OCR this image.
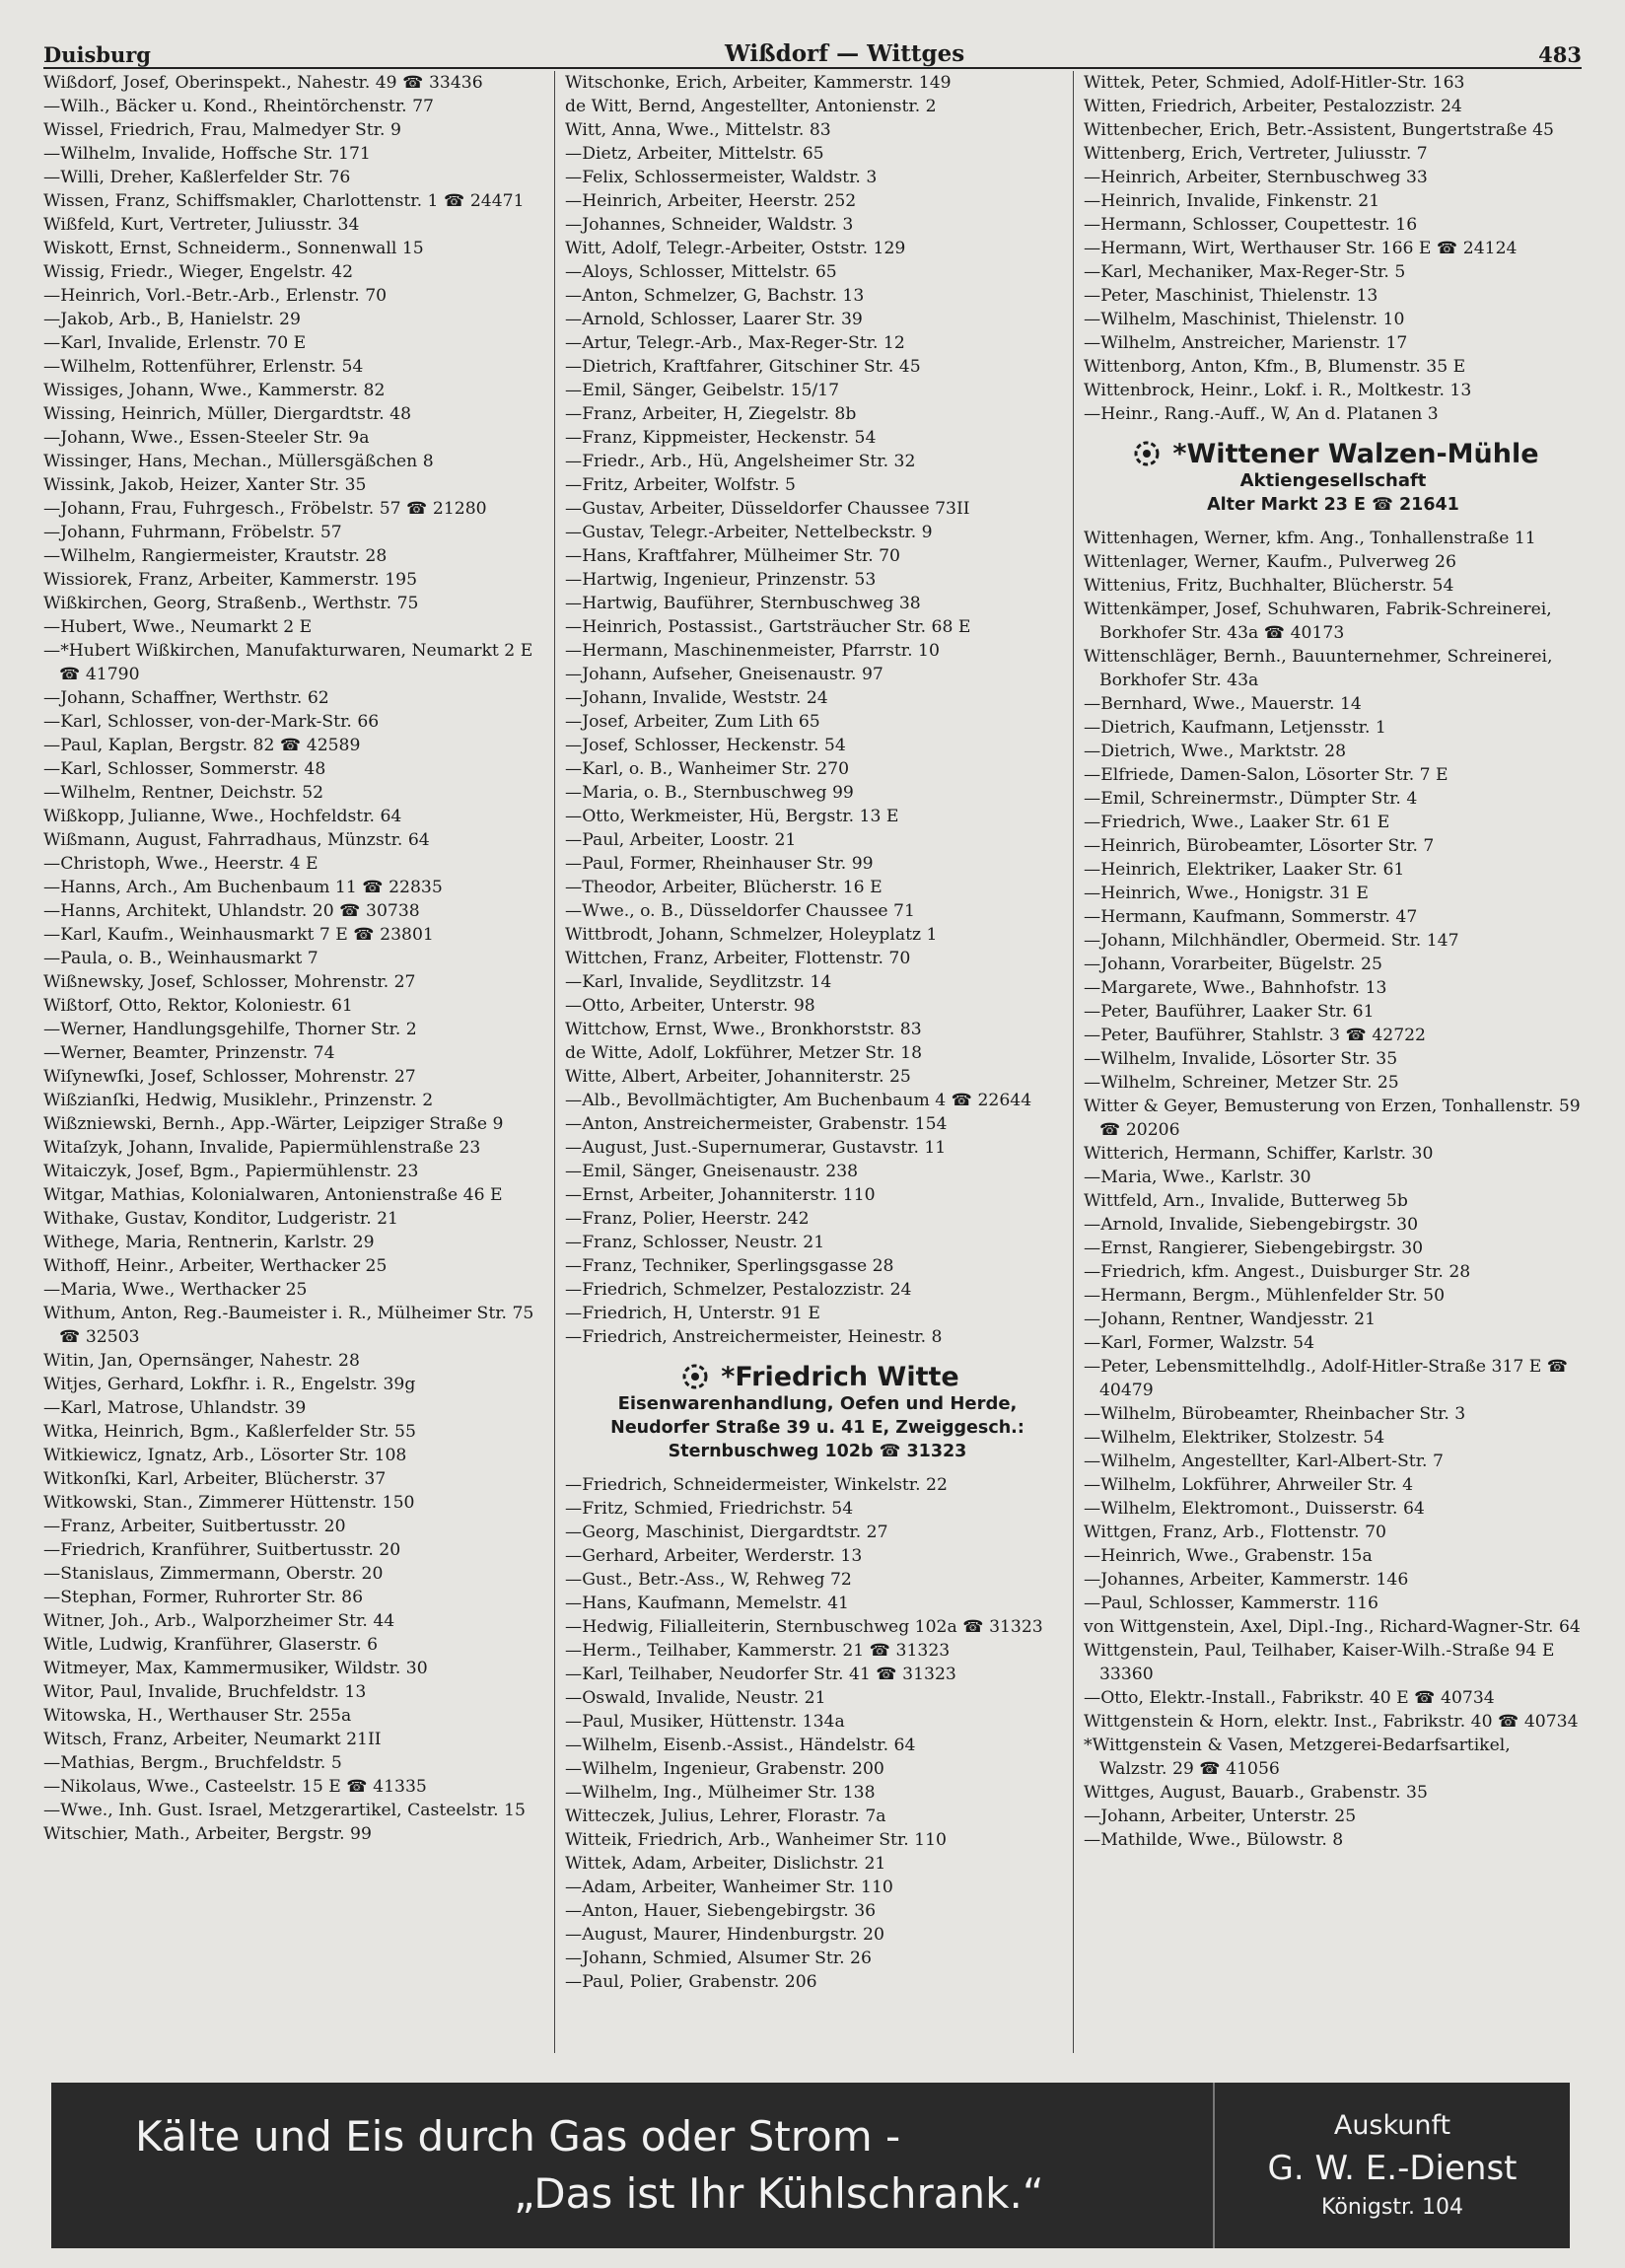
Duisburg	Wißdorf — Wittges	483
Wißdorf, Josef, Oberinspekt., Nahestr. 49 ☎ 33436
—Wilh., Bäcker u. Kond., Rheintörchenstr. 77
Wissel, Friedrich, Frau, Malmedyer Str. 9
—Wilhelm, Invalide, Hoffsche Str. 171
—Willi, Dreher, Kaßlerfelder Str. 76
Wissen, Franz, Schiffsmakler, Charlottenstr. 1 ☎ 24471
Wißfeld, Kurt, Vertreter, Juliusstr. 34
Wiskott, Ernst, Schneiderm., Sonnenwall 15
Wissig, Friedr., Wieger, Engelstr. 42
—Heinrich, Vorl.-Betr.-Arb., Erlenstr. 70
—Jakob, Arb., B, Hanielstr. 29
—Karl, Invalide, Erlenstr. 70 E
—Wilhelm, Rottenführer, Erlenstr. 54
Wissiges, Johann, Wwe., Kammerstr. 82
Wissing, Heinrich, Müller, Diergardtstr. 48
—Johann, Wwe., Essen-Steeler Str. 9a
Wissinger, Hans, Mechan., Müllersgäßchen 8
Wissink, Jakob, Heizer, Xanter Str. 35
—Johann, Frau, Fuhrgesch., Fröbelstr. 57 ☎ 21280
—Johann, Fuhrmann, Fröbelstr. 57
—Wilhelm, Rangiermeister, Krautstr. 28
Wissiorek, Franz, Arbeiter, Kammerstr. 195
Wißkirchen, Georg, Straßenb., Werthstr. 75
—Hubert, Wwe., Neumarkt 2 E
—*Hubert Wißkirchen, Manufakturwaren, Neumarkt 2 E ☎ 41790
—Johann, Schaffner, Werthstr. 62
—Karl, Schlosser, von-der-Mark-Str. 66
—Paul, Kaplan, Bergstr. 82 ☎ 42589
—Karl, Schlosser, Sommerstr. 48
—Wilhelm, Rentner, Deichstr. 52
Wißkopp, Julianne, Wwe., Hochfeldstr. 64
Wißmann, August, Fahrradhaus, Münzstr. 64
—Christoph, Wwe., Heerstr. 4 E
—Hanns, Arch., Am Buchenbaum 11 ☎ 22835
—Hanns, Architekt, Uhlandstr. 20 ☎ 30738
—Karl, Kaufm., Weinhausmarkt 7 E ☎ 23801
—Paula, o. B., Weinhausmarkt 7
Wißnewsky, Josef, Schlosser, Mohrenstr. 27
Wißtorf, Otto, Rektor, Koloniestr. 61
—Werner, Handlungsgehilfe, Thorner Str. 2
—Werner, Beamter, Prinzenstr. 74
Wiſynewſki, Josef, Schlosser, Mohrenstr. 27
Wißzianſki, Hedwig, Musiklehr., Prinzenstr. 2
Wißzniewski, Bernh., App.-Wärter, Leipziger Straße 9
Witaſzyk, Johann, Invalide, Papiermühlenstraße 23
Witaiczyk, Josef, Bgm., Papiermühlenstr. 23
Witgar, Mathias, Kolonialwaren, Antonienstraße 46 E
Withake, Gustav, Konditor, Ludgeristr. 21
Withege, Maria, Rentnerin, Karlstr. 29
Withoff, Heinr., Arbeiter, Werthacker 25
—Maria, Wwe., Werthacker 25
Withum, Anton, Reg.-Baumeister i. R., Mülheimer Str. 75 ☎ 32503
Witin, Jan, Opernsänger, Nahestr. 28
Witjes, Gerhard, Lokfhr. i. R., Engelstr. 39g
—Karl, Matrose, Uhlandstr. 39
Witka, Heinrich, Bgm., Kaßlerfelder Str. 55
Witkiewicz, Ignatz, Arb., Lösorter Str. 108
Witkonſki, Karl, Arbeiter, Blücherstr. 37
Witkowski, Stan., Zimmerer Hüttenstr. 150
—Franz, Arbeiter, Suitbertusstr. 20
—Friedrich, Kranführer, Suitbertusstr. 20
—Stanislaus, Zimmermann, Oberstr. 20
—Stephan, Former, Ruhrorter Str. 86
Witner, Joh., Arb., Walporzheimer Str. 44
Witle, Ludwig, Kranführer, Glaserstr. 6
Witmeyer, Max, Kammermusiker, Wildstr. 30
Witor, Paul, Invalide, Bruchfeldstr. 13
Witowska, H., Werthauser Str. 255a
Witsch, Franz, Arbeiter, Neumarkt 21II
—Mathias, Bergm., Bruchfeldstr. 5
—Nikolaus, Wwe., Casteelstr. 15 E ☎ 41335
—Wwe., Inh. Gust. Israel, Metzgerartikel, Casteelstr. 15
Witschier, Math., Arbeiter, Bergstr. 99
Witschonke, Erich, Arbeiter, Kammerstr. 149
de Witt, Bernd, Angestellter, Antonienstr. 2
Witt, Anna, Wwe., Mittelstr. 83
—Dietz, Arbeiter, Mittelstr. 65
—Felix, Schlossermeister, Waldstr. 3
—Heinrich, Arbeiter, Heerstr. 252
—Johannes, Schneider, Waldstr. 3
Witt, Adolf, Telegr.-Arbeiter, Oststr. 129
—Aloys, Schlosser, Mittelstr. 65
—Anton, Schmelzer, G, Bachstr. 13
—Arnold, Schlosser, Laarer Str. 39
—Artur, Telegr.-Arb., Max-Reger-Str. 12
—Dietrich, Kraftfahrer, Gitschiner Str. 45
—Emil, Sänger, Geibelstr. 15/17
—Franz, Arbeiter, H, Ziegelstr. 8b
—Franz, Kippmeister, Heckenstr. 54
—Friedr., Arb., Hü, Angelsheimer Str. 32
—Fritz, Arbeiter, Wolfstr. 5
—Gustav, Arbeiter, Düsseldorfer Chaussee 73II
—Gustav, Telegr.-Arbeiter, Nettelbeckstr. 9
—Hans, Kraftfahrer, Mülheimer Str. 70
—Hartwig, Ingenieur, Prinzenstr. 53
—Hartwig, Bauführer, Sternbuschweg 38
—Heinrich, Postassist., Gartsträucher Str. 68 E
—Hermann, Maschinenmeister, Pfarrstr. 10
—Johann, Aufseher, Gneisenaustr. 97
—Johann, Invalide, Weststr. 24
—Josef, Arbeiter, Zum Lith 65
—Josef, Schlosser, Heckenstr. 54
—Karl, o. B., Wanheimer Str. 270
—Maria, o. B., Sternbuschweg 99
—Otto, Werkmeister, Hü, Bergstr. 13 E
—Paul, Arbeiter, Loostr. 21
—Paul, Former, Rheinhauser Str. 99
—Theodor, Arbeiter, Blücherstr. 16 E
—Wwe., o. B., Düsseldorfer Chaussee 71
Wittbrodt, Johann, Schmelzer, Holeyplatz 1
Wittchen, Franz, Arbeiter, Flottenstr. 70
—Karl, Invalide, Seydlitzstr. 14
—Otto, Arbeiter, Unterstr. 98
Wittchow, Ernst, Wwe., Bronkhorststr. 83
de Witte, Adolf, Lokführer, Metzer Str. 18
Witte, Albert, Arbeiter, Johanniterstr. 25
—Alb., Bevollmächtigter, Am Buchenbaum 4 ☎ 22644
—Anton, Anstreichermeister, Grabenstr. 154
—August, Just.-Supernumerar, Gustavstr. 11
—Emil, Sänger, Gneisenaustr. 238
—Ernst, Arbeiter, Johanniterstr. 110
—Franz, Polier, Heerstr. 242
—Franz, Schlosser, Neustr. 21
—Franz, Techniker, Sperlingsgasse 28
—Friedrich, Schmelzer, Pestalozzistr. 24
—Friedrich, H, Unterstr. 91 E
—Friedrich, Anstreichermeister, Heinestr. 8
*Friedrich Witte
Eisenwarenhandlung, Oefen und Herde,
Neudorfer Straße 39 u. 41 E, Zweiggesch.:
Sternbuschweg 102b ☎ 31323
—Friedrich, Schneidermeister, Winkelstr. 22
—Fritz, Schmied, Friedrichstr. 54
—Georg, Maschinist, Diergardtstr. 27
—Gerhard, Arbeiter, Werderstr. 13
—Gust., Betr.-Ass., W, Rehweg 72
—Hans, Kaufmann, Memelstr. 41
—Hedwig, Filialleiterin, Sternbuschweg 102a ☎ 31323
—Herm., Teilhaber, Kammerstr. 21 ☎ 31323
—Karl, Teilhaber, Neudorfer Str. 41 ☎ 31323
—Oswald, Invalide, Neustr. 21
—Paul, Musiker, Hüttenstr. 134a
—Wilhelm, Eisenb.-Assist., Händelstr. 64
—Wilhelm, Ingenieur, Grabenstr. 200
—Wilhelm, Ing., Mülheimer Str. 138
Witteczek, Julius, Lehrer, Florastr. 7a
Witteik, Friedrich, Arb., Wanheimer Str. 110
Wittek, Adam, Arbeiter, Dislichstr. 21
—Adam, Arbeiter, Wanheimer Str. 110
—Anton, Hauer, Siebengebirgstr. 36
—August, Maurer, Hindenburgstr. 20
—Johann, Schmied, Alsumer Str. 26
—Paul, Polier, Grabenstr. 206
Wittek, Peter, Schmied, Adolf-Hitler-Str. 163
Witten, Friedrich, Arbeiter, Pestalozzistr. 24
Wittenbecher, Erich, Betr.-Assistent, Bungertstraße 45
Wittenberg, Erich, Vertreter, Juliusstr. 7
—Heinrich, Arbeiter, Sternbuschweg 33
—Heinrich, Invalide, Finkenstr. 21
—Hermann, Schlosser, Coupettestr. 16
—Hermann, Wirt, Werthauser Str. 166 E ☎ 24124
—Karl, Mechaniker, Max-Reger-Str. 5
—Peter, Maschinist, Thielenstr. 13
—Wilhelm, Maschinist, Thielenstr. 10
—Wilhelm, Anstreicher, Marienstr. 17
Wittenborg, Anton, Kfm., B, Blumenstr. 35 E
Wittenbrock, Heinr., Lokf. i. R., Moltkestr. 13
—Heinr., Rang.-Auff., W, An d. Platanen 3
*Wittener Walzen-Mühle
Aktiengesellschaft
Alter Markt 23 E ☎ 21641
Wittenhagen, Werner, kfm. Ang., Tonhallenstraße 11
Wittenlager, Werner, Kaufm., Pulverweg 26
Wittenius, Fritz, Buchhalter, Blücherstr. 54
Wittenkämper, Josef, Schuhwaren, Fabrik-Schreinerei, Borkhofer Str. 43a ☎ 40173
Wittenschläger, Bernh., Bauunternehmer, Schreinerei, Borkhofer Str. 43a
—Bernhard, Wwe., Mauerstr. 14
—Dietrich, Kaufmann, Letjensstr. 1
—Dietrich, Wwe., Marktstr. 28
—Elfriede, Damen-Salon, Lösorter Str. 7 E
—Emil, Schreinermstr., Dümpter Str. 4
—Friedrich, Wwe., Laaker Str. 61 E
—Heinrich, Bürobeamter, Lösorter Str. 7
—Heinrich, Elektriker, Laaker Str. 61
—Heinrich, Wwe., Honigstr. 31 E
—Hermann, Kaufmann, Sommerstr. 47
—Johann, Milchhändler, Obermeid. Str. 147
—Johann, Vorarbeiter, Bügelstr. 25
—Margarete, Wwe., Bahnhofstr. 13
—Peter, Bauführer, Laaker Str. 61
—Peter, Bauführer, Stahlstr. 3 ☎ 42722
—Wilhelm, Invalide, Lösorter Str. 35
—Wilhelm, Schreiner, Metzer Str. 25
Witter & Geyer, Bemusterung von Erzen, Tonhallenstr. 59 ☎ 20206
Witterich, Hermann, Schiffer, Karlstr. 30
—Maria, Wwe., Karlstr. 30
Wittfeld, Arn., Invalide, Butterweg 5b
—Arnold, Invalide, Siebengebirgstr. 30
—Ernst, Rangierer, Siebengebirgstr. 30
—Friedrich, kfm. Angest., Duisburger Str. 28
—Hermann, Bergm., Mühlenfelder Str. 50
—Johann, Rentner, Wandjesstr. 21
—Karl, Former, Walzstr. 54
—Peter, Lebensmittelhdlg., Adolf-Hitler-Straße 317 E ☎ 40479
—Wilhelm, Bürobeamter, Rheinbacher Str. 3
—Wilhelm, Elektriker, Stolzestr. 54
—Wilhelm, Angestellter, Karl-Albert-Str. 7
—Wilhelm, Lokführer, Ahrweiler Str. 4
—Wilhelm, Elektromont., Duisserstr. 64
Wittgen, Franz, Arb., Flottenstr. 70
—Heinrich, Wwe., Grabenstr. 15a
—Johannes, Arbeiter, Kammerstr. 146
—Paul, Schlosser, Kammerstr. 116
von Wittgenstein, Axel, Dipl.-Ing., Richard-Wagner-Str. 64
Wittgenstein, Paul, Teilhaber, Kaiser-Wilh.-Straße 94 E 33360
—Otto, Elektr.-Install., Fabrikstr. 40 E ☎ 40734
Wittgenstein & Horn, elektr. Inst., Fabrikstr. 40 ☎ 40734
*Wittgenstein & Vasen, Metzgerei-Bedarfsartikel, Walzstr. 29 ☎ 41056
Wittges, August, Bauarb., Grabenstr. 35
—Johann, Arbeiter, Unterstr. 25
—Mathilde, Wwe., Bülowstr. 8
Kälte und Eis durch Gas oder Strom -
„Das ist Ihr Kühlschrank.“
Auskunft
G. W. E.-Dienst
Königstr. 104
